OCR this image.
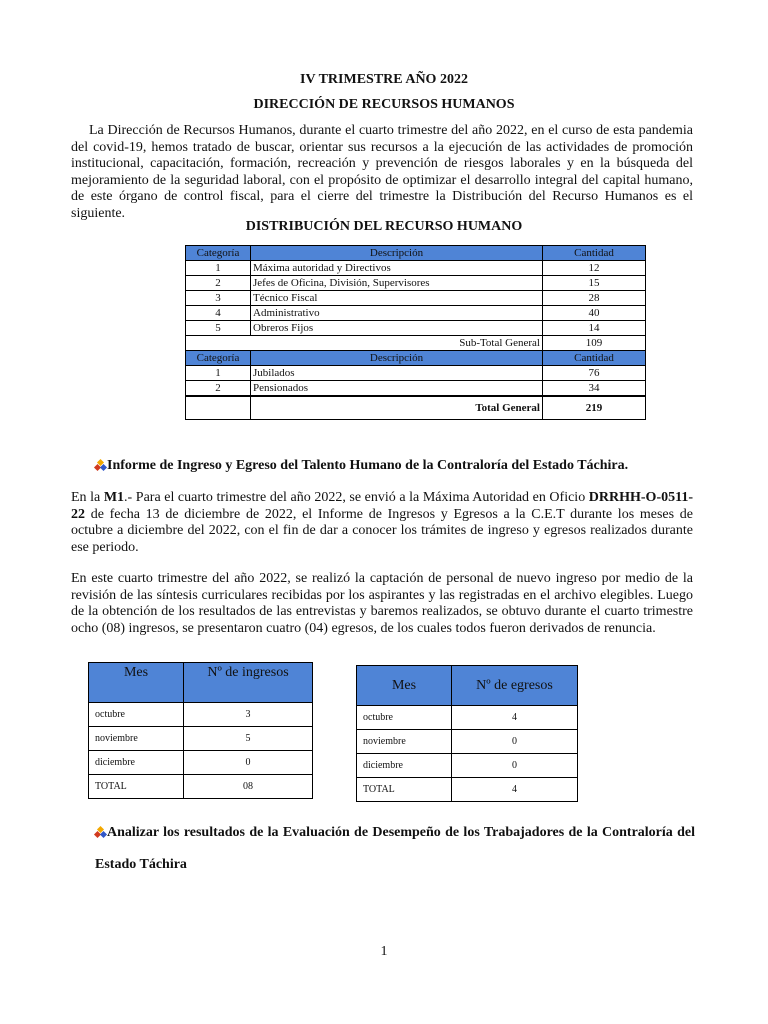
IV TRIMESTRE AÑO 2022
DIRECCIÓN DE RECURSOS HUMANOS

La Dirección de Recursos Humanos, durante el cuarto trimestre del año 2022, en el curso de esta pandemia del covid-19, hemos tratado de buscar, orientar sus recursos a la ejecución de las actividades de promoción institucional, capacitación, formación, recreación y prevención de riesgos laborales y en la búsqueda del mejoramiento de la seguridad laboral, con el propósito de optimizar el desarrollo integral del capital humano, de este órgano de control fiscal, para el cierre del trimestre la Distribución del Recurso Humanos es el siguiente.

DISTRIBUCIÓN DEL RECURSO HUMANO
Categoría	Descripción	Cantidad
1	Máxima autoridad y Directivos	12
2	Jefes de Oficina, División, Supervisores	15
3	Técnico Fiscal	28
4	Administrativo	40
5	Obreros Fijos	14
Sub-Total General		109
Categoría	Descripción	Cantidad
1	Jubilados	76
2	Pensionados	34
	Total General	219
Informe de Ingreso y Egreso del Talento Humano de la Contraloría del Estado Táchira.

En la M1.- Para el cuarto trimestre del año 2022, se envió a la Máxima Autoridad en Oficio DRRHH-O-0511-22 de fecha 13 de diciembre de 2022, el Informe de Ingresos y Egresos a la C.E.T durante los meses de octubre a diciembre del 2022, con el fin de dar a conocer los trámites de ingreso y egresos realizados durante ese periodo.

En este cuarto trimestre del año 2022, se realizó la captación de personal de nuevo ingreso por medio de la revisión de las síntesis curriculares recibidas por los aspirantes y las registradas en el archivo elegibles. Luego de la obtención de los resultados de las entrevistas y baremos realizados, se obtuvo durante el cuarto trimestre ocho (08) ingresos, se presentaron cuatro (04) egresos, de los cuales todos fueron derivados de renuncia.

Mes	Nº de ingresos
octubre	3
noviembre	5
diciembre	0
TOTAL	08
Mes	Nº de egresos
octubre	4
noviembre	0
diciembre	0
TOTAL	4
Analizar los resultados de la Evaluación de Desempeño de los Trabajadores de la Contraloría del Estado Táchira
1
